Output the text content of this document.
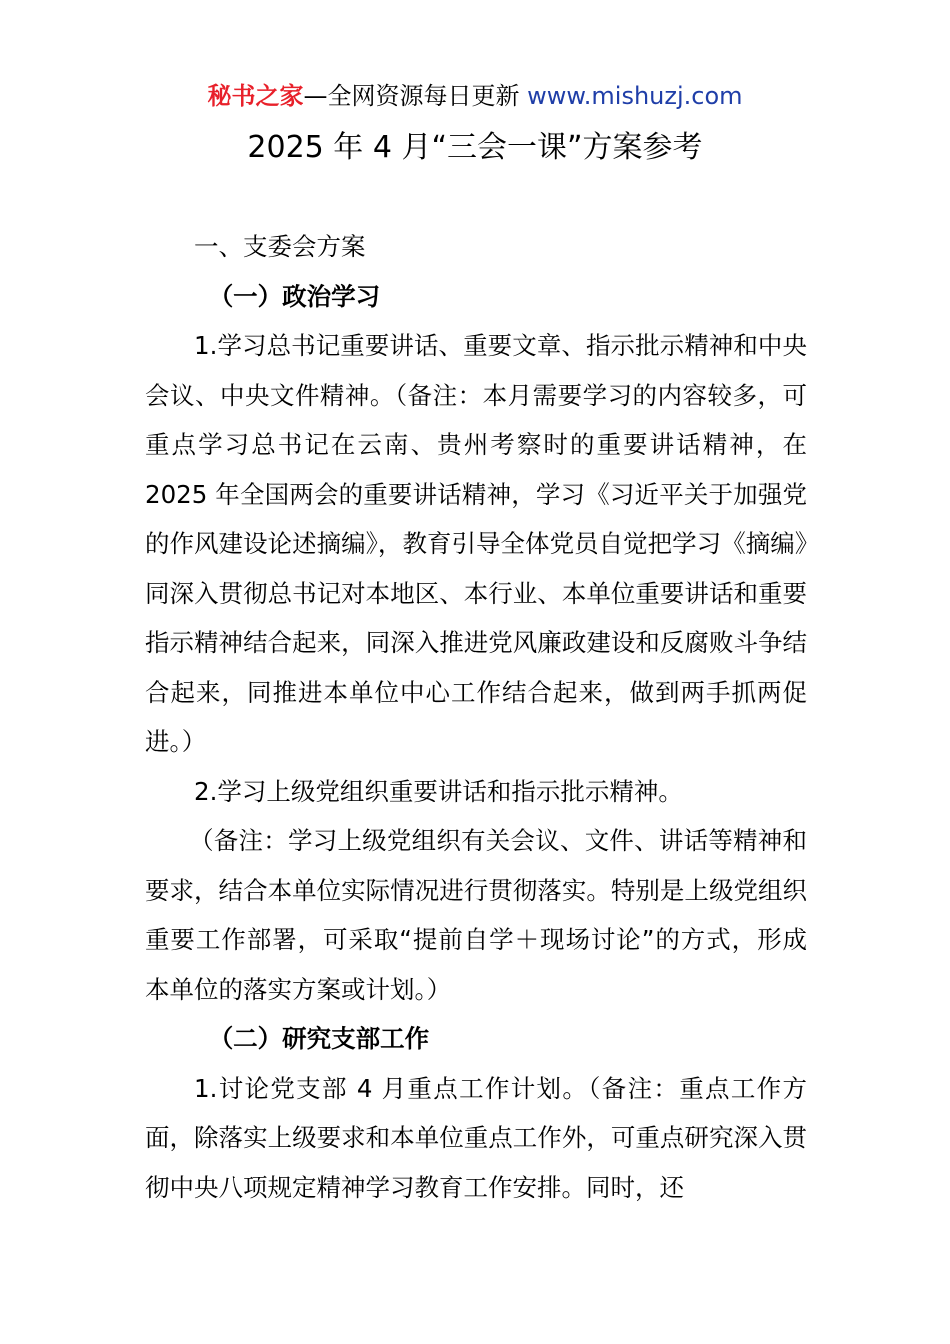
秘书之家—全网资源每日更新 www.mishuzj.com
2025 年 4 月“三会一课”方案参考

一、支委会方案

（一）政治学习

1.学习总书记重要讲话、重要文章、指示批示精神和中央会议、中央文件精神。（备注：本月需要学习的内容较多，可重点学习总书记在云南、贵州考察时的重要讲话精神，在 2025 年全国两会的重要讲话精神，学习《习近平关于加强党的作风建设论述摘编》，教育引导全体党员自觉把学习《摘编》同深入贯彻总书记对本地区、本行业、本单位重要讲话和重要指示精神结合起来，同深入推进党风廉政建设和反腐败斗争结合起来，同推进本单位中心工作结合起来，做到两手抓两促进。）

2.学习上级党组织重要讲话和指示批示精神。

（备注：学习上级党组织有关会议、文件、讲话等精神和要求，结合本单位实际情况进行贯彻落实。特别是上级党组织重要工作部署，可采取“提前自学＋现场讨论”的方式，形成本单位的落实方案或计划。）

（二）研究支部工作

1.讨论党支部 4 月重点工作计划。（备注：重点工作方面，除落实上级要求和本单位重点工作外，可重点研究深入贯彻中央八项规定精神学习教育工作安排。同时，还
